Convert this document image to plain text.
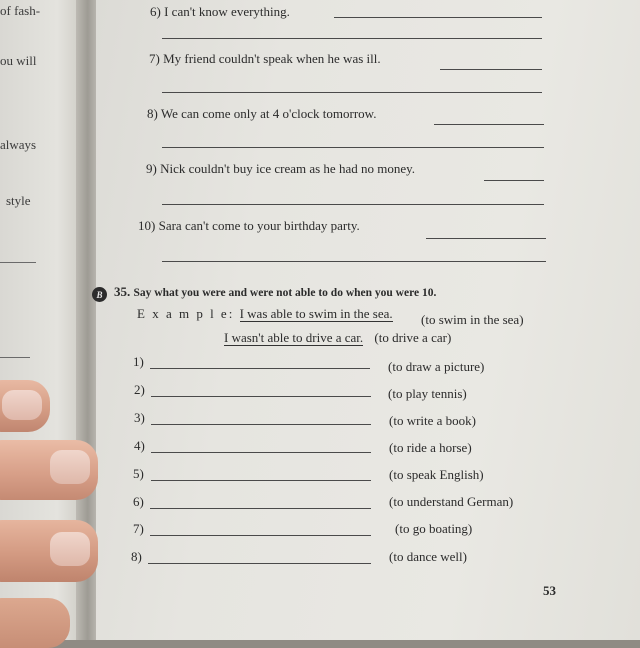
of fash-
ou will
always
style
6) I can't know everything.
7) My friend couldn't speak when he was ill.
8) We can come only at 4 o'clock tomorrow.
9) Nick couldn't buy ice cream as he had no money.
10) Sara can't come to your birthday party.
B 35. Say what you were and were not able to do when you were 10.
E x a m p l e: I was able to swim in the sea. (to swim in the sea)
I wasn't able to drive a car. (to drive a car)
1)	(to draw a picture)
2)	(to play tennis)
3)	(to write a book)
4)	(to ride a horse)
5)	(to speak English)
6)	(to understand German)
7)	(to go boating)
8)	(to dance well)
53
